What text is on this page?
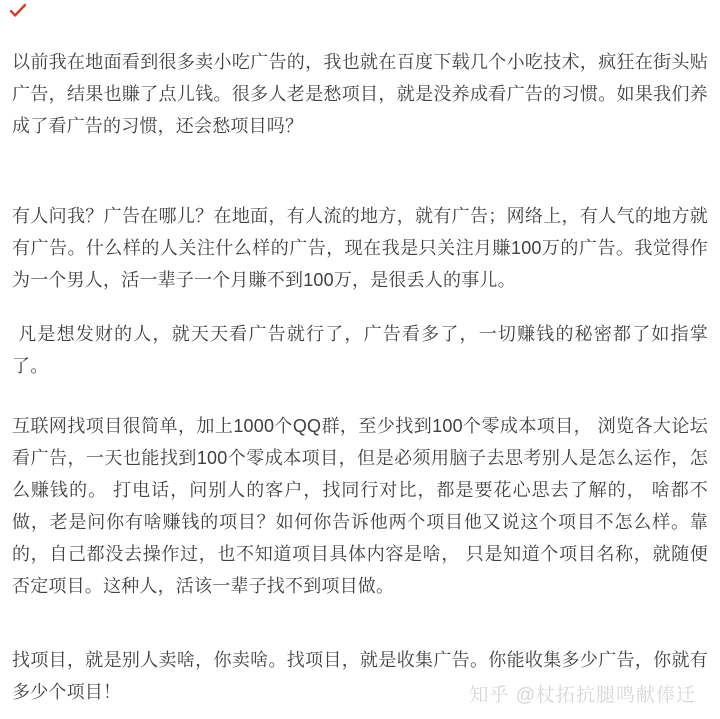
以前我在地面看到很多卖小吃广告的，我也就在百度下载几个小吃技术，疯狂在街头贴广告，结果也賺了点儿钱。很多人老是愁项目，就是没养成看广告的习惯。如果我们养成了看广告的习惯，还会愁项目吗？

有人问我？广告在哪儿？在地面，有人流的地方，就有广告；网络上，有人气的地方就有广告。什么样的人关注什么样的广告，现在我是只关注月賺100万的广告。我觉得作为一个男人，活一辈子一个月賺不到100万，是很丢人的事儿。

凡是想发财的人，就天天看广告就行了，广告看多了，一切赚钱的秘密都了如指掌了。

互联网找项目很简单，加上1000个QQ群，至少找到100个零成本项目， 浏览各大论坛看广告，一天也能找到100个零成本项目，但是必须用脑子去思考别人是怎么运作，怎么赚钱的。 打电话，问别人的客户，找同行对比，都是要花心思去了解的， 啥都不做，老是问你有啥赚钱的项目？如何你告诉他两个项目他又说这个项目不怎么样。靠的，自己都没去操作过，也不知道项目具体内容是啥， 只是知道个项目名称，就随便否定项目。这种人，活该一辈子找不到项目做。

找项目，就是别人卖啥，你卖啥。找项目，就是收集广告。你能收集多少广告，你就有多少个项目！	知乎 @杖拓抗腿鸣献俸迁
